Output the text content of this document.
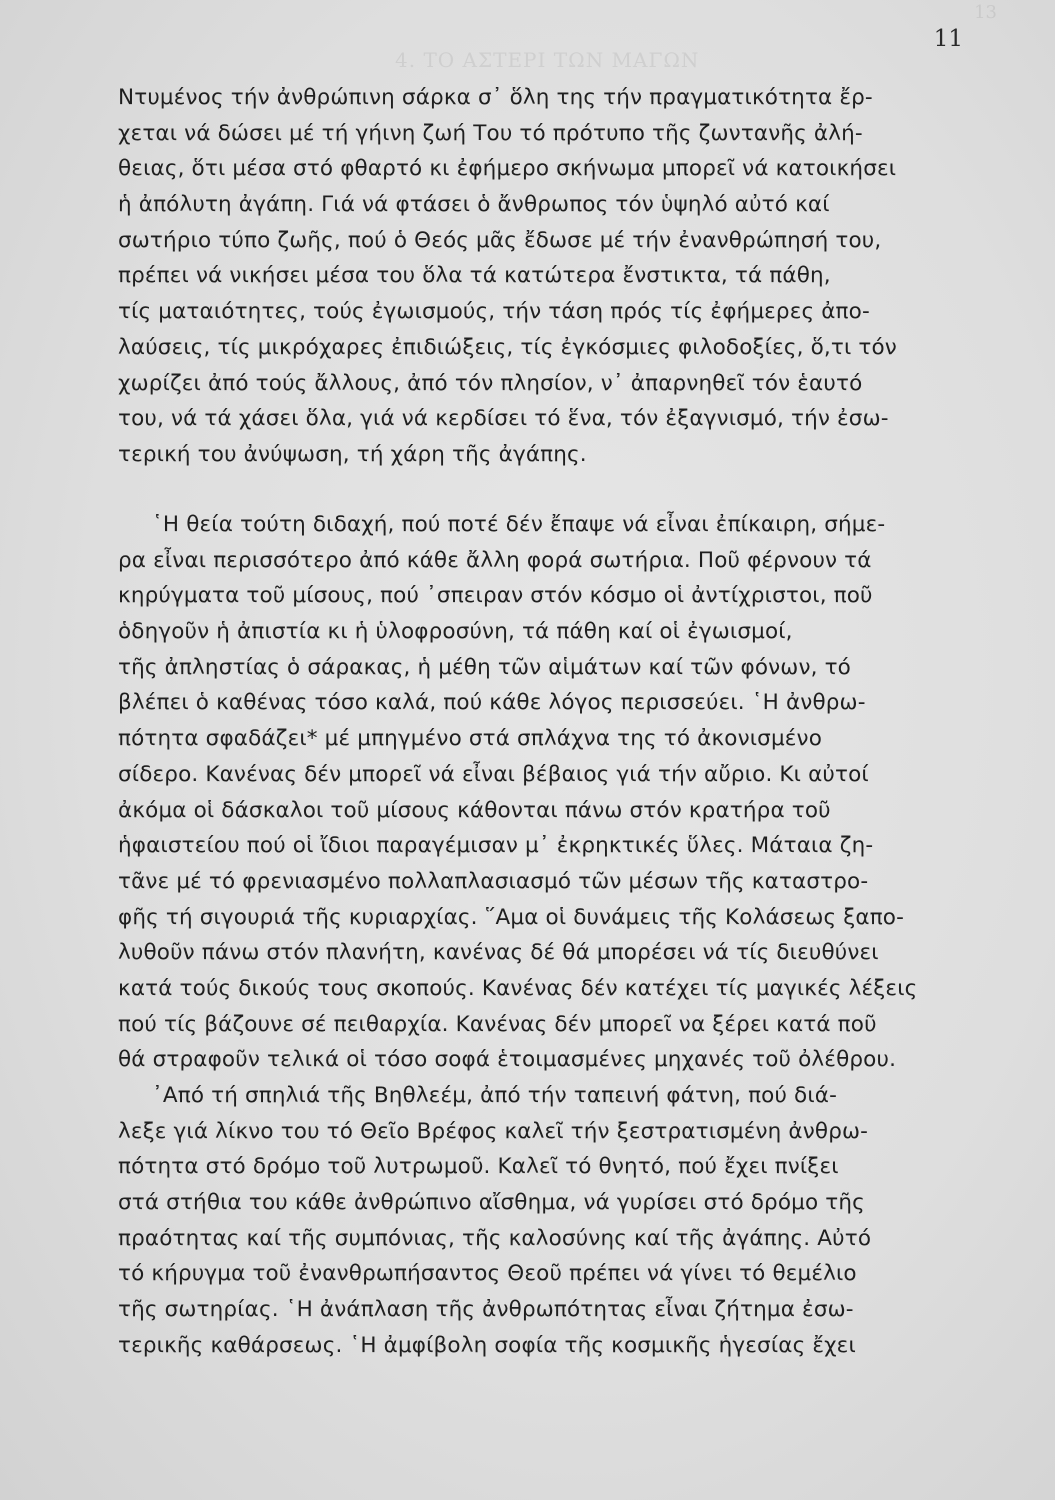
4. ΤΟ ΑΣΤΕΡΙ ΤΩΝ ΜΑΓΩΝ
13
11
Ντυμένος τήν ἀνθρώπινη σάρκα σ᾽ ὅλη της τήν πραγματικότητα ἔρ-
χεται νά δώσει μέ τή γήινη ζωή Του τό πρότυπο τῆς ζωντανῆς ἀλή-
θειας, ὅτι μέσα στό φθαρτό κι ἐφήμερο σκήνωμα μπορεῖ νά κατοικήσει
ἡ ἀπόλυτη ἀγάπη. Γιά νά φτάσει ὁ ἄνθρωπος τόν ὑψηλό αὐτό καί
σωτήριο τύπο ζωῆς, πού ὁ Θεός μᾶς ἔδωσε μέ τήν ἐνανθρώπησή του,
πρέπει νά νικήσει μέσα του ὅλα τά κατώτερα ἔνστικτα, τά πάθη,
τίς ματαιότητες, τούς ἐγωισμούς, τήν τάση πρός τίς ἐφήμερες ἀπο-
λαύσεις, τίς μικρόχαρες ἐπιδιώξεις, τίς ἐγκόσμιες φιλοδοξίες, ὅ,τι τόν
χωρίζει ἀπό τούς ἄλλους, ἀπό τόν πλησίον, ν᾽ ἀπαρνηθεῖ τόν ἑαυτό
του, νά τά χάσει ὅλα, γιά νά κερδίσει τό ἕνα, τόν ἐξαγνισμό, τήν ἐσω-
τερική του ἀνύψωση, τή χάρη τῆς ἀγάπης.
῾Η θεία τούτη διδαχή, πού ποτέ δέν ἔπαψε νά εἶναι ἐπίκαιρη, σήμε-
ρα εἶναι περισσότερο ἀπό κάθε ἄλλη φορά σωτήρια. Ποῦ φέρνουν τά
κηρύγματα τοῦ μίσους, πού ᾽σπειραν στόν κόσμο οἱ ἀντίχριστοι, ποῦ
ὁδηγοῦν ἡ ἀπιστία κι ἡ ὑλοφροσύνη, τά πάθη καί οἱ ἐγωισμοί,
τῆς ἀπληστίας ὁ σάρακας, ἡ μέθη τῶν αἱμάτων καί τῶν φόνων, τό
βλέπει ὁ καθένας τόσο καλά, πού κάθε λόγος περισσεύει. ῾Η ἀνθρω-
πότητα σφαδάζει* μέ μπηγμένο στά σπλάχνα της τό ἀκονισμένο
σίδερο. Κανένας δέν μπορεῖ νά εἶναι βέβαιος γιά τήν αὔριο. Κι αὐτοί
ἀκόμα οἱ δάσκαλοι τοῦ μίσους κάθονται πάνω στόν κρατήρα τοῦ
ἡφαιστείου πού οἱ ἴδιοι παραγέμισαν μ᾽ ἐκρηκτικές ὕλες. Μάταια ζη-
τᾶνε μέ τό φρενιασμένο πολλαπλασιασμό τῶν μέσων τῆς καταστρο-
φῆς τή σιγουριά τῆς κυριαρχίας. ῞Αμα οἱ δυνάμεις τῆς Κολάσεως ξαπο-
λυθοῦν πάνω στόν πλανήτη, κανένας δέ θά μπορέσει νά τίς διευθύνει
κατά τούς δικούς τους σκοπούς. Κανένας δέν κατέχει τίς μαγικές λέξεις
πού τίς βάζουνε σέ πειθαρχία. Κανένας δέν μπορεῖ να ξέρει κατά ποῦ
θά στραφοῦν τελικά οἱ τόσο σοφά ἑτοιμασμένες μηχανές τοῦ ὀλέθρου.
᾽Από τή σπηλιά τῆς Βηθλεέμ, ἀπό τήν ταπεινή φάτνη, πού διά-
λεξε γιά λίκνο του τό Θεῖο Βρέφος καλεῖ τήν ξεστρατισμένη ἀνθρω-
πότητα στό δρόμο τοῦ λυτρωμοῦ. Καλεῖ τό θνητό, πού ἔχει πνίξει
στά στήθια του κάθε ἀνθρώπινο αἴσθημα, νά γυρίσει στό δρόμο τῆς
πραότητας καί τῆς συμπόνιας, τῆς καλοσύνης καί τῆς ἀγάπης. Αὐτό
τό κήρυγμα τοῦ ἐνανθρωπήσαντος Θεοῦ πρέπει νά γίνει τό θεμέλιο
τῆς σωτηρίας. ῾Η ἀνάπλαση τῆς ἀνθρωπότητας εἶναι ζήτημα ἐσω-
τερικῆς καθάρσεως. ῾Η ἀμφίβολη σοφία τῆς κοσμικῆς ἡγεσίας ἔχει
